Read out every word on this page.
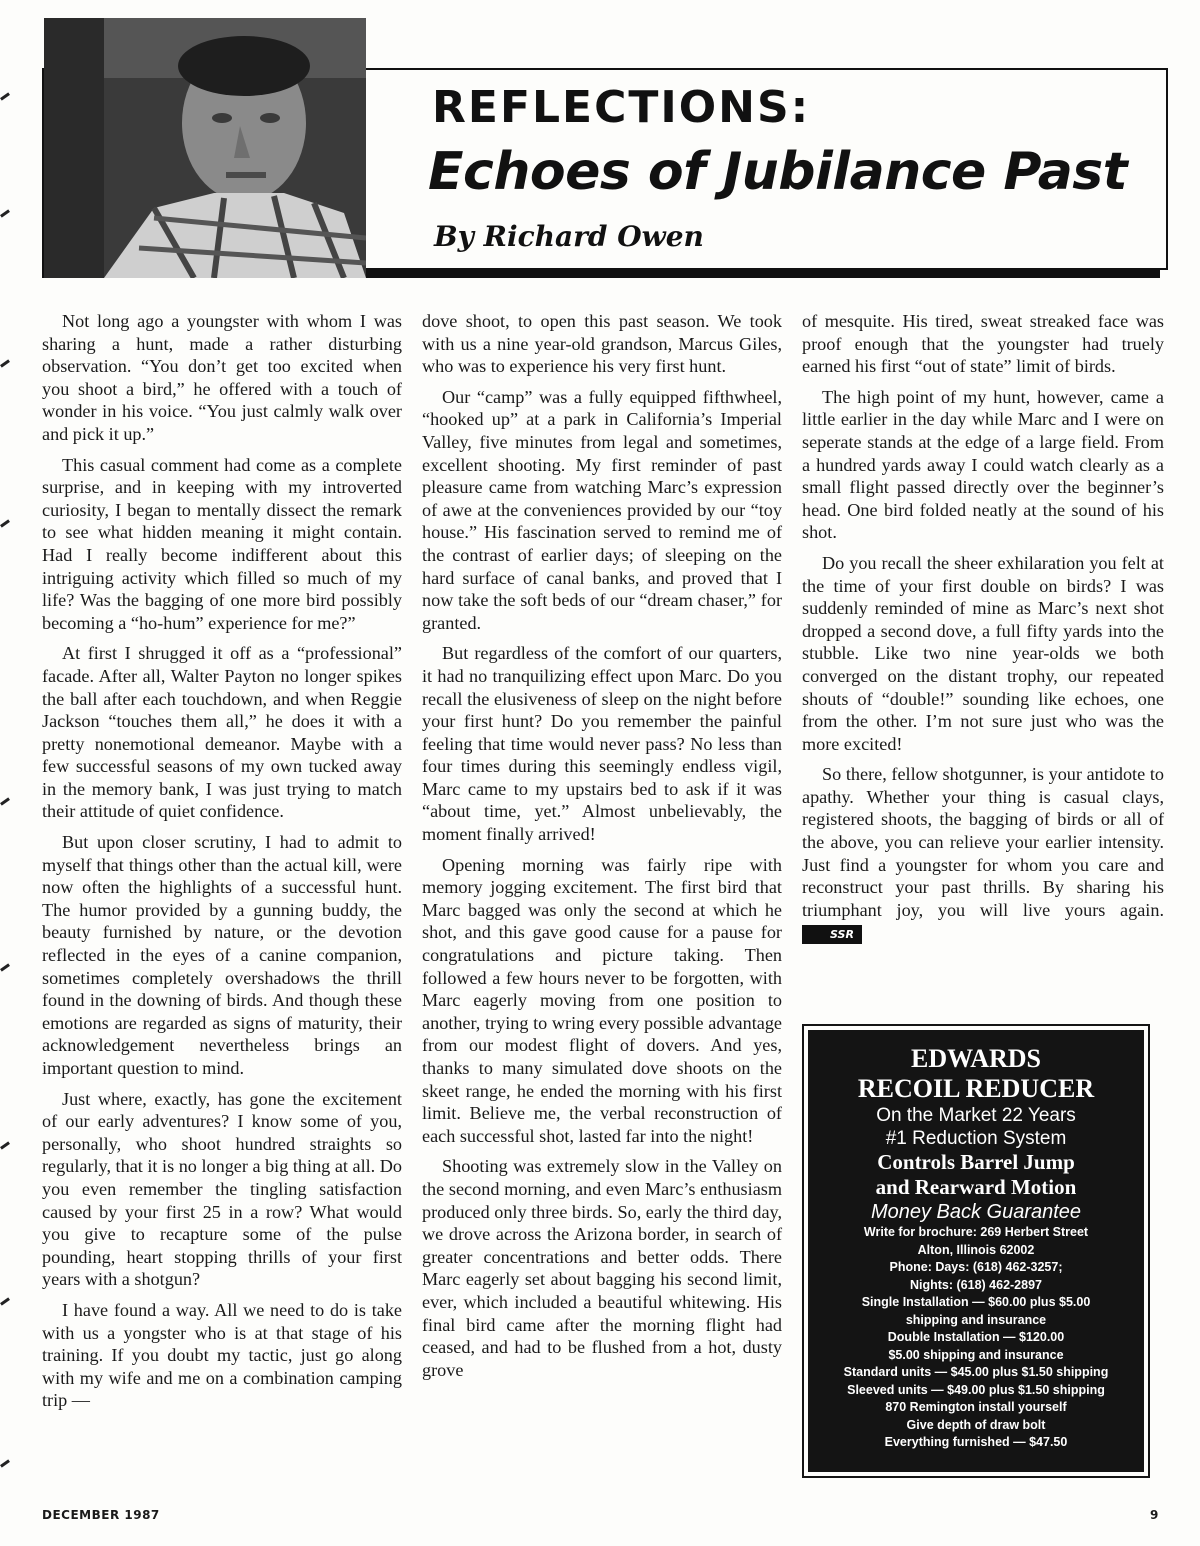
REFLECTIONS:
Echoes of Jubilance Past
By Richard Owen

Not long ago a youngster with whom I was sharing a hunt, made a rather disturbing observation. “You don’t get too excited when you shoot a bird,” he offered with a touch of wonder in his voice. “You just calmly walk over and pick it up.”

This casual comment had come as a complete surprise, and in keeping with my introverted curiosity, I began to mentally dissect the remark to see what hidden meaning it might contain. Had I really become indifferent about this intriguing activity which filled so much of my life? Was the bagging of one more bird possibly becoming a “ho-hum” experience for me?”

At first I shrugged it off as a “professional” facade. After all, Walter Payton no longer spikes the ball after each touchdown, and when Reggie Jackson “touches them all,” he does it with a pretty nonemotional demeanor. Maybe with a few successful seasons of my own tucked away in the memory bank, I was just trying to match their attitude of quiet confidence.

But upon closer scrutiny, I had to admit to myself that things other than the actual kill, were now often the highlights of a successful hunt. The humor provided by a gunning buddy, the beauty furnished by nature, or the devotion reflected in the eyes of a canine companion, sometimes completely overshadows the thrill found in the downing of birds. And though these emotions are regarded as signs of maturity, their acknowledgement nevertheless brings an important question to mind.

Just where, exactly, has gone the excitement of our early adventures? I know some of you, personally, who shoot hundred straights so regularly, that it is no longer a big thing at all. Do you even remember the tingling satisfaction caused by your first 25 in a row? What would you give to recapture some of the pulse pounding, heart stopping thrills of your first years with a shotgun?

I have found a way. All we need to do is take with us a yongster who is at that stage of his training. If you doubt my tactic, just go along with my wife and me on a combination camping trip —

dove shoot, to open this past season. We took with us a nine year-old grandson, Marcus Giles, who was to experience his very first hunt.

Our “camp” was a fully equipped fifthwheel, “hooked up” at a park in California’s Imperial Valley, five minutes from legal and sometimes, excellent shooting. My first reminder of past pleasure came from watching Marc’s expression of awe at the conveniences provided by our “toy house.” His fascination served to remind me of the contrast of earlier days; of sleeping on the hard surface of canal banks, and proved that I now take the soft beds of our “dream chaser,” for granted.

But regardless of the comfort of our quarters, it had no tranquilizing effect upon Marc. Do you recall the elusiveness of sleep on the night before your first hunt? Do you remember the painful feeling that time would never pass? No less than four times during this seemingly endless vigil, Marc came to my upstairs bed to ask if it was “about time, yet.” Almost unbelievably, the moment finally arrived!

Opening morning was fairly ripe with memory jogging excitement. The first bird that Marc bagged was only the second at which he shot, and this gave good cause for a pause for congratulations and picture taking. Then followed a few hours never to be forgotten, with Marc eagerly moving from one position to another, trying to wring every possible advantage from our modest flight of dovers. And yes, thanks to many simulated dove shoots on the skeet range, he ended the morning with his first limit. Believe me, the verbal reconstruction of each successful shot, lasted far into the night!

Shooting was extremely slow in the Valley on the second morning, and even Marc’s enthusiasm produced only three birds. So, early the third day, we drove across the Arizona border, in search of greater concentrations and better odds. There Marc eagerly set about bagging his second limit, ever, which included a beautiful whitewing. His final bird came after the morning flight had ceased, and had to be flushed from a hot, dusty grove

of mesquite. His tired, sweat streaked face was proof enough that the youngster had truely earned his first “out of state” limit of birds.

The high point of my hunt, however, came a little earlier in the day while Marc and I were on seperate stands at the edge of a large field. From a hundred yards away I could watch clearly as a small flight passed directly over the beginner’s head. One bird folded neatly at the sound of his shot.

Do you recall the sheer exhilaration you felt at the time of your first double on birds? I was suddenly reminded of mine as Marc’s next shot dropped a second dove, a full fifty yards into the stubble. Like two nine year-olds we both converged on the distant trophy, our repeated shouts of “double!” sounding like echoes, one from the other. I’m not sure just who was the more excited!

So there, fellow shotgunner, is your antidote to apathy. Whether your thing is casual clays, registered shoots, the bagging of birds or all of the above, you can relieve your earlier intensity. Just find a youngster for whom you care and reconstruct your past thrills. By sharing his triumphant joy, you will live yours again. SSR

EDWARDS
RECOIL REDUCER
On the Market 22 Years
#1 Reduction System
Controls Barrel Jump
and Rearward Motion
Money Back Guarantee
Write for brochure: 269 Herbert Street
Alton, Illinois 62002
Phone: Days: (618) 462-3257;
Nights: (618) 462-2897
Single Installation — $60.00 plus $5.00
shipping and insurance
Double Installation — $120.00
$5.00 shipping and insurance
Standard units — $45.00 plus $1.50 shipping
Sleeved units — $49.00 plus $1.50 shipping
870 Remington install yourself
Give depth of draw bolt
Everything furnished — $47.50
DECEMBER 1987	9
